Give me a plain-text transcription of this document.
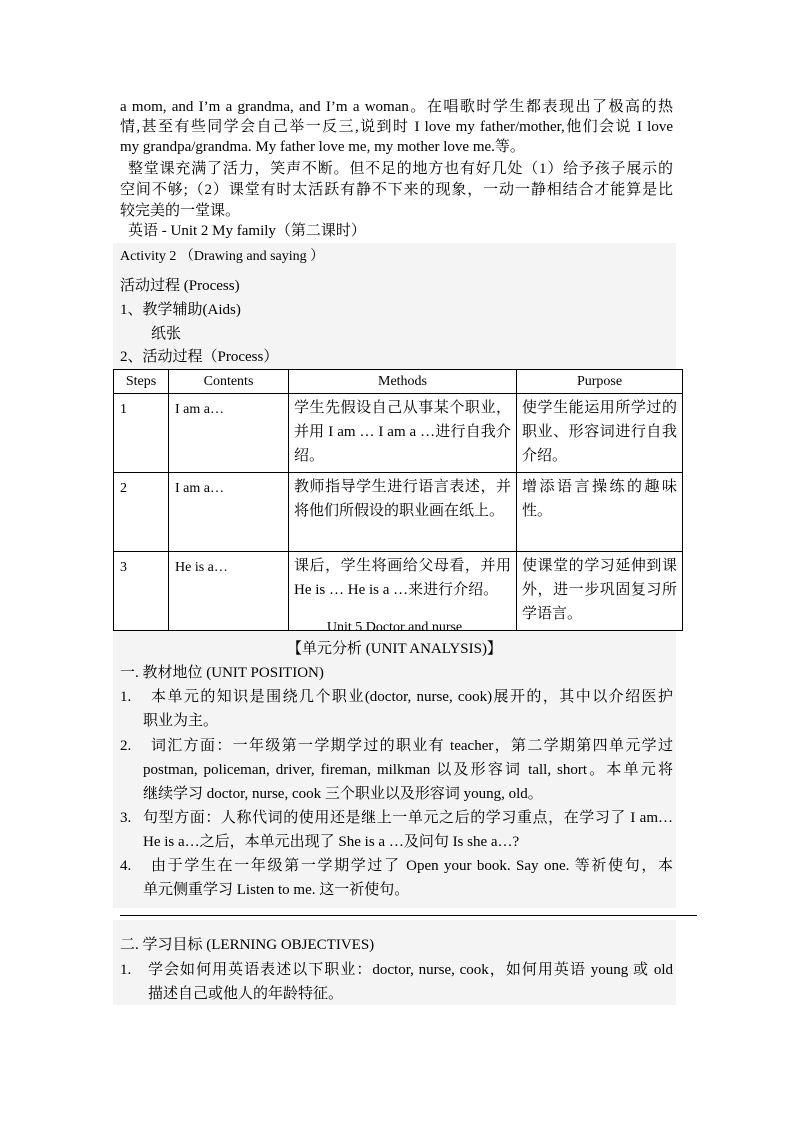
a mom, and I’m a grandma, and I’m a woman。在唱歌时学生都表现出了极高的热
情,甚至有些同学会自己举一反三,说到时 I love my father/mother,他们会说 I love
my grandpa/grandma. My father love me, my mother love me.等。
整堂课充满了活力，笑声不断。但不足的地方也有好几处（1）给予孩子展示的
空间不够;（2）课堂有时太活跃有静不下来的现象，一动一静相结合才能算是比
较完美的一堂课。
英语 - Unit 2 My family（第二课时）
Activity 2 （Drawing and saying ）
活动过程 (Process)
1、教学辅助(Aids)
纸张
2、活动过程（Process）
Steps	Contents	Methods	Purpose
1	I am a…	学生先假设自己从事某个职业，并用 I am … I am a …进行自我介绍。	使学生能运用所学过的职业、形容词进行自我介绍。
2	I am a…	教师指导学生进行语言表述，并将他们所假设的职业画在纸上。	增添语言操练的趣味性。
3	He is a…	课后，学生将画给父母看，并用 He is … He is a …来进行介绍。	使课堂的学习延伸到课外，进一步巩固复习所学语言。
Unit 5 Doctor and nurse
【单元分析 (UNIT ANALYSIS)】
一. 教材地位 (UNIT POSITION)
1. 本单元的知识是围绕几个职业(doctor, nurse, cook)展开的，其中以介绍医护
职业为主。
2. 词汇方面：一年级第一学期学过的职业有 teacher，第二学期第四单元学过
postman, policeman, driver, fireman, milkman 以及形容词 tall, short。本单元将
继续学习 doctor, nurse, cook 三个职业以及形容词 young, old。
3. 句型方面：人称代词的使用还是继上一单元之后的学习重点，在学习了 I am…
He is a…之后，本单元出现了 She is a …及问句 Is she a…?
4. 由于学生在一年级第一学期学过了 Open your book. Say one. 等祈使句，本
单元侧重学习 Listen to me. 这一祈使句。
二. 学习目标 (LERNING OBJECTIVES)
1. 学会如何用英语表述以下职业：doctor, nurse, cook，如何用英语 young 或 old
描述自己或他人的年龄特征。
